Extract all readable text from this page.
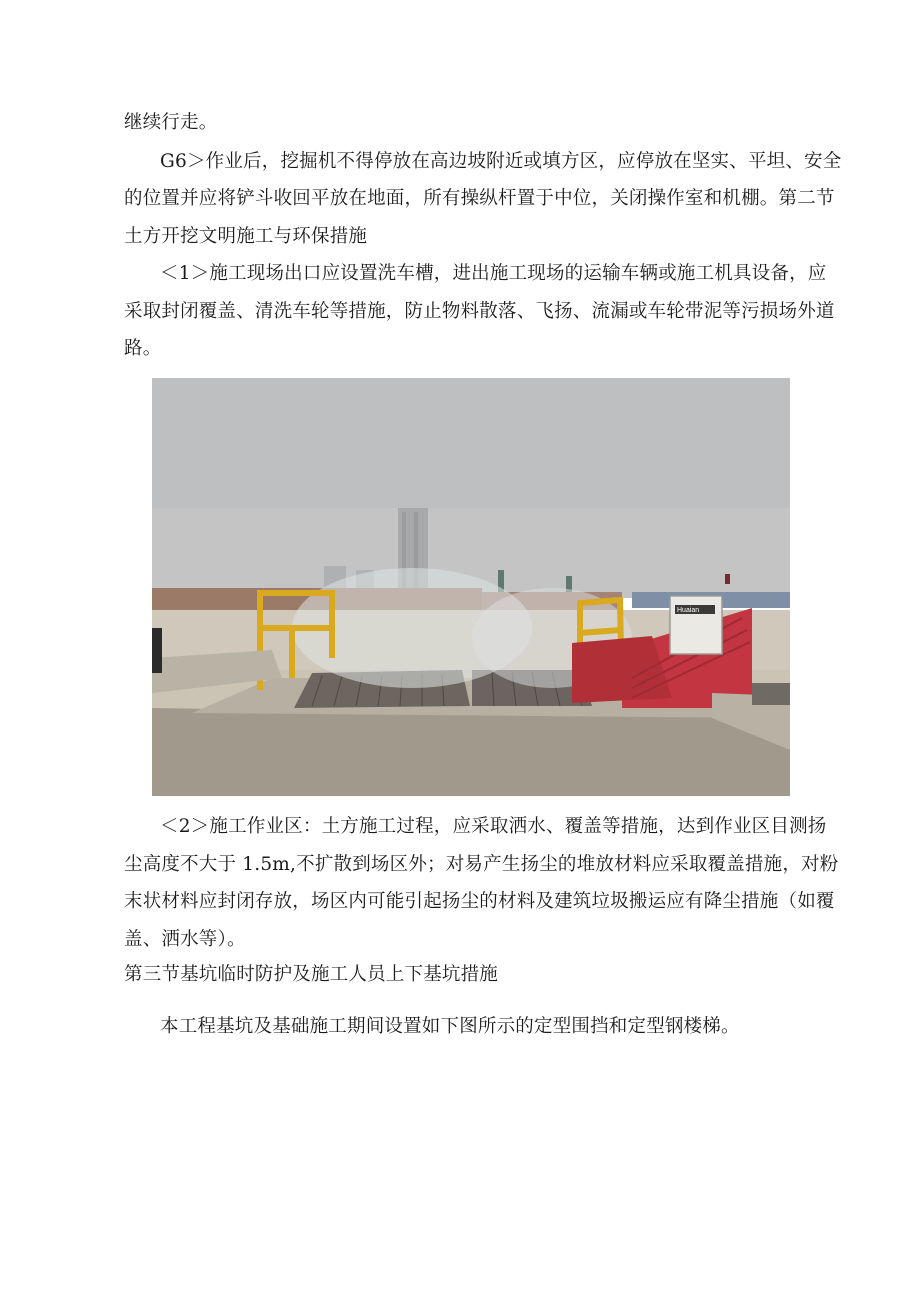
继续行走。
G6＞作业后，挖掘机不得停放在高边坡附近或填方区，应停放在坚实、平坦、安全
的位置并应将铲斗收回平放在地面，所有操纵杆置于中位，关闭操作室和机棚。第二节
土方开挖文明施工与环保措施
＜1＞施工现场出口应设置洗车槽，进出施工现场的运输车辆或施工机具设备，应
采取封闭覆盖、清洗车轮等措施，防止物料散落、飞扬、流漏或车轮带泥等污损场外道
路。
Huaian
＜2＞施工作业区：土方施工过程，应采取洒水、覆盖等措施，达到作业区目测扬
尘高度不大于 1.5m,不扩散到场区外；对易产生扬尘的堆放材料应采取覆盖措施，对粉
末状材料应封闭存放，场区内可能引起扬尘的材料及建筑垃圾搬运应有降尘措施（如覆
盖、洒水等）。
第三节基坑临时防护及施工人员上下基坑措施
本工程基坑及基础施工期间设置如下图所示的定型围挡和定型钢楼梯。
